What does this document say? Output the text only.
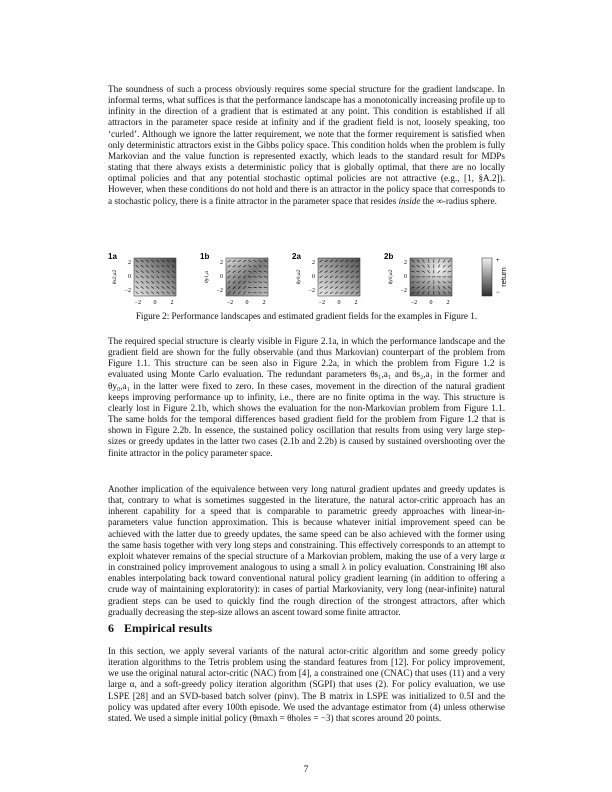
The soundness of such a process obviously requires some special structure for the gradient landscape. In informal terms, what suffices is that the performance landscape has a monotonically increasing profile up to infinity in the direction of a gradient that is estimated at any point. This condition is established if all attractors in the parameter space reside at infinity and if the gradient field is not, loosely speaking, too ‘curled’. Although we ignore the latter requirement, we note that the former requirement is satisfied when only deterministic attractors exist in the Gibbs policy space. This condition holds when the problem is fully Markovian and the value function is represented exactly, which leads to the standard result for MDPs stating that there always exists a deterministic policy that is globally optimal, that there are no locally optimal policies and that any potential stochastic optimal policies are not attractive (e.g., [1, §A.2]). However, when these conditions do not hold and there is an attractor in the policy space that corresponds to a stochastic policy, there is a finite attractor in the parameter space that resides inside the ∞-radius sphere.

1a
2
0
−2
−2 0 2
θs2,a2
1b
2
0
−2
−2 0 2
θy1,a
2a
2
0
−2
−2 0 2
θy0,a2
2b
2
0
−2
−2 0 2
θy0,a2
+
−
return

Figure 2: Performance landscapes and estimated gradient fields for the examples in Figure 1.

The required special structure is clearly visible in Figure 2.1a, in which the performance landscape and the gradient field are shown for the fully observable (and thus Markovian) counterpart of the problem from Figure 1.1. This structure can be seen also in Figure 2.2a, in which the problem from Figure 1.2 is evaluated using Monte Carlo evaluation. The redundant parameters θs₁,a₁ and θs₂,a₁ in the former and θy₀,a₁ in the latter were fixed to zero. In these cases, movement in the direction of the natural gradient keeps improving performance up to infinity, i.e., there are no finite optima in the way. This structure is clearly lost in Figure 2.1b, which shows the evaluation for the non-Markovian problem from Figure 1.1. The same holds for the temporal differences based gradient field for the problem from Figure 1.2 that is shown in Figure 2.2b. In essence, the sustained policy oscillation that results from using very large step-sizes or greedy updates in the latter two cases (2.1b and 2.2b) is caused by sustained overshooting over the finite attractor in the policy parameter space.

Another implication of the equivalence between very long natural gradient updates and greedy updates is that, contrary to what is sometimes suggested in the literature, the natural actor-critic approach has an inherent capability for a speed that is comparable to parametric greedy approaches with linear-in-parameters value function approximation. This is because whatever initial improvement speed can be achieved with the latter due to greedy updates, the same speed can be also achieved with the former using the same basis together with very long steps and constraining. This effectively corresponds to an attempt to exploit whatever remains of the special structure of a Markovian problem, making the use of a very large α in constrained policy improvement analogous to using a small λ in policy evaluation. Constraining ‖θ‖ also enables interpolating back toward conventional natural policy gradient learning (in addition to offering a crude way of maintaining exploratority): in cases of partial Markovianity, very long (near-infinite) natural gradient steps can be used to quickly find the rough direction of the strongest attractors, after which gradually decreasing the step-size allows an ascent toward some finite attractor.

6 Empirical results

In this section, we apply several variants of the natural actor-critic algorithm and some greedy policy iteration algorithms to the Tetris problem using the standard features from [12]. For policy improvement, we use the original natural actor-critic (NAC) from [4], a constrained one (CNAC) that uses (11) and a very large α, and a soft-greedy policy iteration algorithm (SGPI) that uses (2). For policy evaluation, we use LSPE [28] and an SVD-based batch solver (pinv). The B matrix in LSPE was initialized to 0.5I and the policy was updated after every 100th episode. We used the advantage estimator from (4) unless otherwise stated. We used a simple initial policy (θmaxh = θholes = −3) that scores around 20 points.

7
